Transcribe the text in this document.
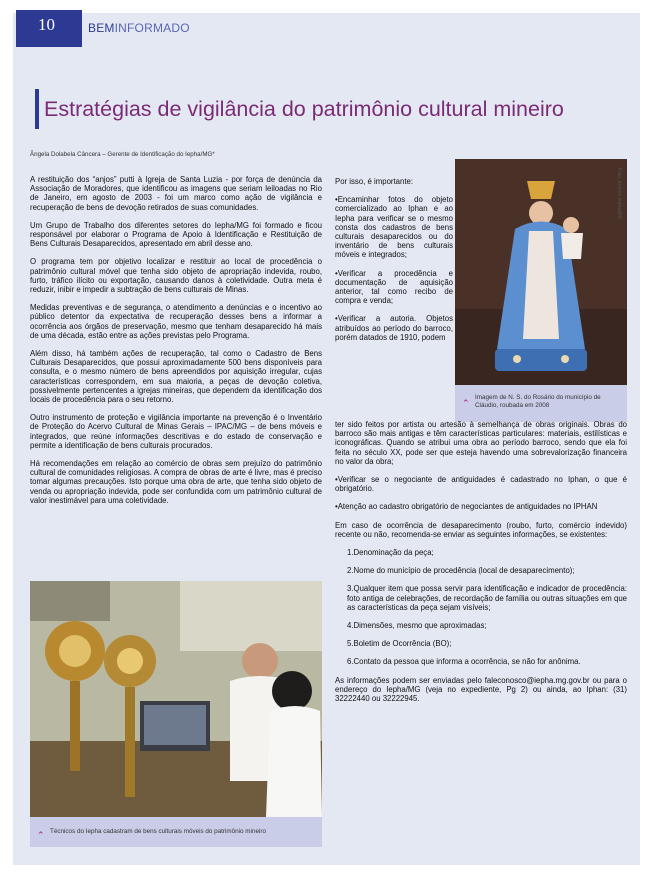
10	BEMINFORMADO
Estratégias de vigilância do patrimônio cultural mineiro
Ângela Dolabela Câncera – Gerente de Identificação do Iepha/MG*

A restituição dos “anjos” putti à Igreja de Santa Luzia - por força de denúncia da Associação de Moradores, que identificou as imagens que seriam leiloadas no Rio de Janeiro, em agosto de 2003 - foi um marco como ação de vigilância e recuperação de bens de devoção retirados de suas comunidades.

Um Grupo de Trabalho dos diferentes setores do Iepha/MG foi formado e ficou responsável por elaborar o Programa de Apoio à Identificação e Restituição de Bens Culturais Desaparecidos, apresentado em abril desse ano.

O programa tem por objetivo localizar e restituir ao local de procedência o patrimônio cultural móvel que tenha sido objeto de apropriação indevida, roubo, furto, tráfico ilícito ou exportação, causando danos à coletividade. Outra meta é reduzir, inibir e impedir a subtração de bens culturais de Minas.

Medidas preventivas e de segurança, o atendimento a denúncias e o incentivo ao público detentor da expectativa de recuperação desses bens a informar a ocorrência aos órgãos de preservação, mesmo que tenham desaparecido há mais de uma década, estão entre as ações previstas pelo Programa.

Além disso, há também ações de recuperação, tal como o Cadastro de Bens Culturais Desaparecidos, que possui aproximadamente 500 bens disponíveis para consulta, e o mesmo número de bens apreendidos por aquisição irregular, cujas características correspondem, em sua maioria, a peças de devoção coletiva, possivelmente pertencentes a igrejas mineiras, que dependem da identificação dos locais de procedência para o seu retorno.

Outro instrumento de proteção e vigilância importante na prevenção é o Inventário de Proteção do Acervo Cultural de Minas Gerais – IPAC/MG – de bens móveis e integrados, que reúne informações descritivas e do estado de conservação e permite a identificação de bens culturais procurados.

Há recomendações em relação ao comércio de obras sem prejuízo do patrimônio cultural de comunidades religiosas. A compra de obras de arte é livre, mas é preciso tomar algumas precauções. Isto porque uma obra de arte, que tenha sido objeto de venda ou apropriação indevida, pode ser confundida com um patrimônio cultural de valor inestimável para uma coletividade.

Por isso, é importante:

•Encaminhar fotos do objeto comercializado ao Iphan e ao Iepha para verificar se o mesmo consta dos cadastros de bens culturais desaparecidos ou do inventário de bens culturais móveis e integrados;

•Verificar a procedência e documentação de aquisição anterior, tal como recibo de compra e venda;

•Verificar a autoria. Objetos atribuídos ao período do barroco, porém datados de 1910, podem

Foto: Acervo Iepha/MG
⌃
Imagem de N. S. do Rosário do município de Cláudio, roubada em 2008

ter sido feitos por artista ou artesão à semelhança de obras originais. Obras do barroco são mais antigas e têm características particulares: materiais, estilísticas e iconográficas. Quando se atribui uma obra ao período barroco, sendo que ela foi feita no século XX, pode ser que esteja havendo uma sobrevalorização financeira no valor da obra;

•Verificar se o negociante de antiguidades é cadastrado no Iphan, o que é obrigatório.

•Atenção ao cadastro obrigatório de negociantes de antiguidades no IPHAN

Em caso de ocorrência de desaparecimento (roubo, furto, comércio indevido) recente ou não, recomenda-se enviar as seguintes informações, se existentes:

1.Denominação da peça;

2.Nome do município de procedência (local de desaparecimento);

3.Qualquer item que possa servir para identificação e indicador de procedência: foto antiga de celebrações, de recordação de família ou outras situações em que as características da peça sejam visíveis;

4.Dimensões, mesmo que aproximadas;

5.Boletim de Ocorrência (BO);

6.Contato da pessoa que informa a ocorrência, se não for anônima.

As informações podem ser enviadas pelo faleconosco@iepha.mg.gov.br ou para o endereço do Iepha/MG (veja no expediente, Pg 2) ou ainda, ao Iphan: (31) 32222440 ou 32222945.

⌃ Técnicos do Iepha cadastram de bens culturais móveis do patrimônio mineiro
